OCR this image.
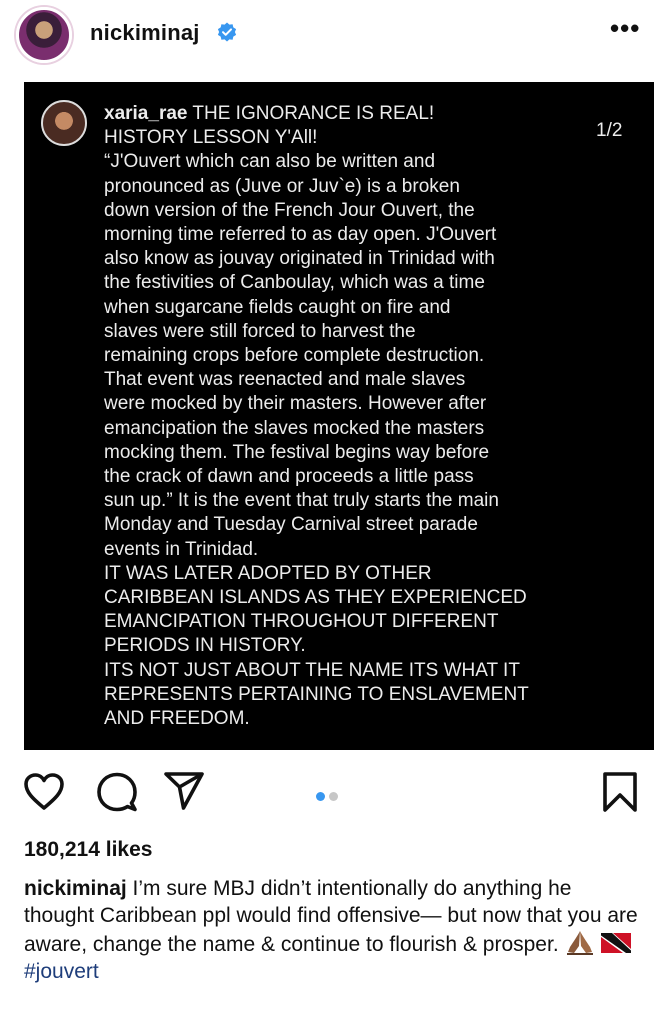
nickiminaj	•••
xaria_rae THE IGNORANCE IS REAL!
HISTORY LESSON Y'All!
“J'Ouvert which can also be written and
pronounced as (Juve or Juv`e) is a broken
down version of the French Jour Ouvert, the
morning time referred to as day open. J'Ouvert
also know as jouvay originated in Trinidad with
the festivities of Canboulay, which was a time
when sugarcane fields caught on fire and
slaves were still forced to harvest the
remaining crops before complete destruction.
That event was reenacted and male slaves
were mocked by their masters. However after
emancipation the slaves mocked the masters
mocking them. The festival begins way before
the crack of dawn and proceeds a little pass
sun up.” It is the event that truly starts the main
Monday and Tuesday Carnival street parade
events in Trinidad.
IT WAS LATER ADOPTED BY OTHER
CARIBBEAN ISLANDS AS THEY EXPERIENCED
EMANCIPATION THROUGHOUT DIFFERENT
PERIODS IN HISTORY.
ITS NOT JUST ABOUT THE NAME ITS WHAT IT
REPRESENTS PERTAINING TO ENSLAVEMENT
AND FREEDOM.
1/2
180,214 likes
nickiminaj I’m sure MBJ didn’t intentionally do anything he thought Caribbean ppl would find offensive— but now that you are aware, change the name & continue to flourish & prosper.
#jouvert
